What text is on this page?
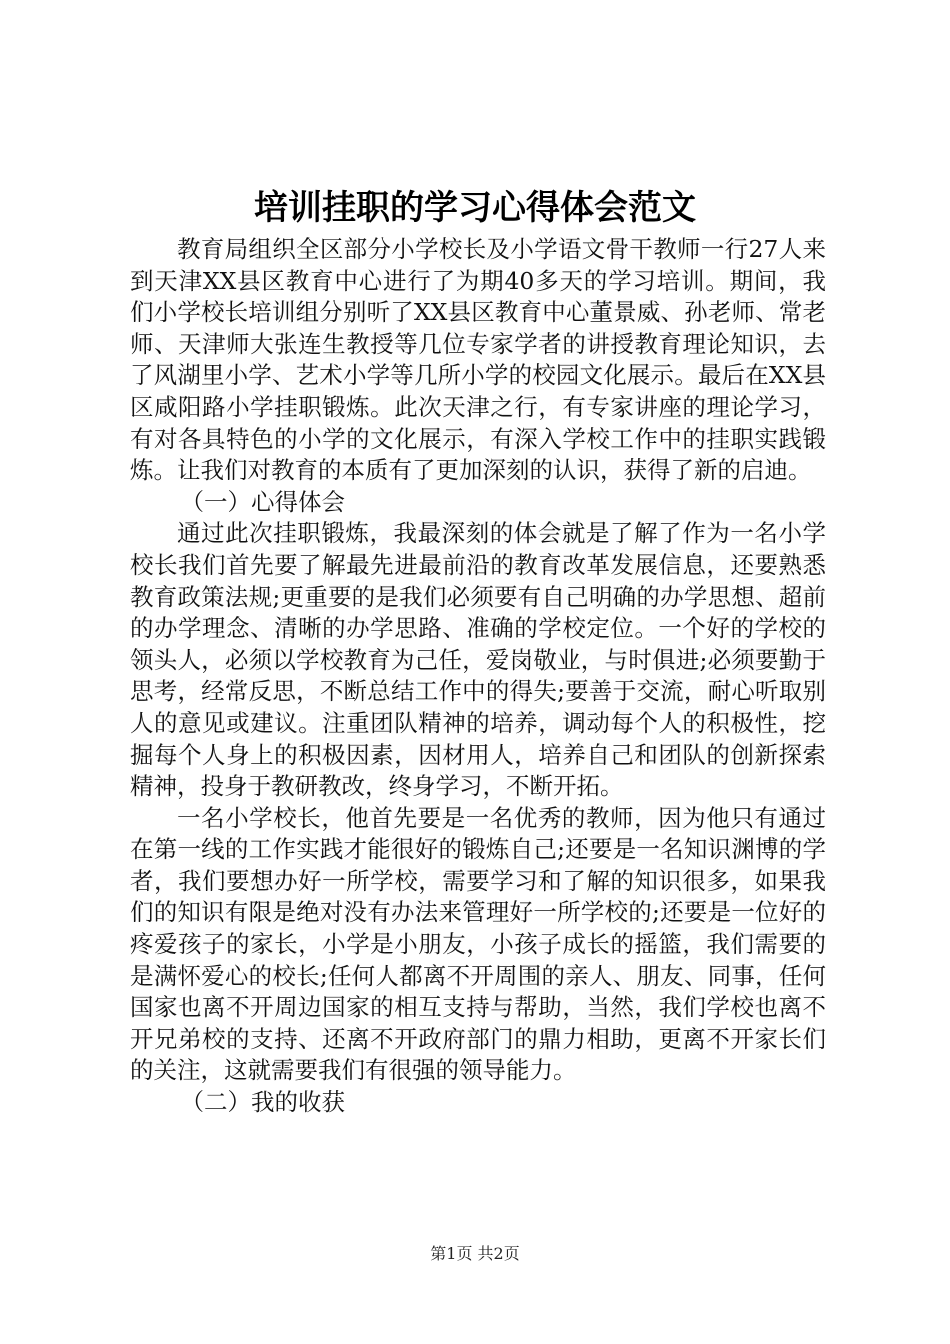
培训挂职的学习心得体会范文

教育局组织全区部分小学校长及小学语文骨干教师一行27人来到天津XX县区教育中心进行了为期40多天的学习培训。期间，我们小学校长培训组分别听了XX县区教育中心董景威、孙老师、常老师、天津师大张连生教授等几位专家学者的讲授教育理论知识，去了风湖里小学、艺术小学等几所小学的校园文化展示。最后在XX县区咸阳路小学挂职锻炼。此次天津之行，有专家讲座的理论学习，有对各具特色的小学的文化展示，有深入学校工作中的挂职实践锻炼。让我们对教育的本质有了更加深刻的认识，获得了新的启迪。

（一）心得体会

通过此次挂职锻炼，我最深刻的体会就是了解了作为一名小学校长我们首先要了解最先进最前沿的教育改革发展信息，还要熟悉教育政策法规;更重要的是我们必须要有自己明确的办学思想、超前的办学理念、清晰的办学思路、准确的学校定位。一个好的学校的领头人，必须以学校教育为己任，爱岗敬业，与时俱进;必须要勤于思考，经常反思，不断总结工作中的得失;要善于交流，耐心听取别人的意见或建议。注重团队精神的培养，调动每个人的积极性，挖掘每个人身上的积极因素，因材用人，培养自己和团队的创新探索精神，投身于教研教改，终身学习，不断开拓。

一名小学校长，他首先要是一名优秀的教师，因为他只有通过在第一线的工作实践才能很好的锻炼自己;还要是一名知识渊博的学者，我们要想办好一所学校，需要学习和了解的知识很多，如果我们的知识有限是绝对没有办法来管理好一所学校的;还要是一位好的疼爱孩子的家长，小学是小朋友，小孩子成长的摇篮，我们需要的是满怀爱心的校长;任何人都离不开周围的亲人、朋友、同事，任何国家也离不开周边国家的相互支持与帮助，当然，我们学校也离不开兄弟校的支持、还离不开政府部门的鼎力相助，更离不开家长们的关注，这就需要我们有很强的领导能力。

（二）我的收获

第1页 共2页
